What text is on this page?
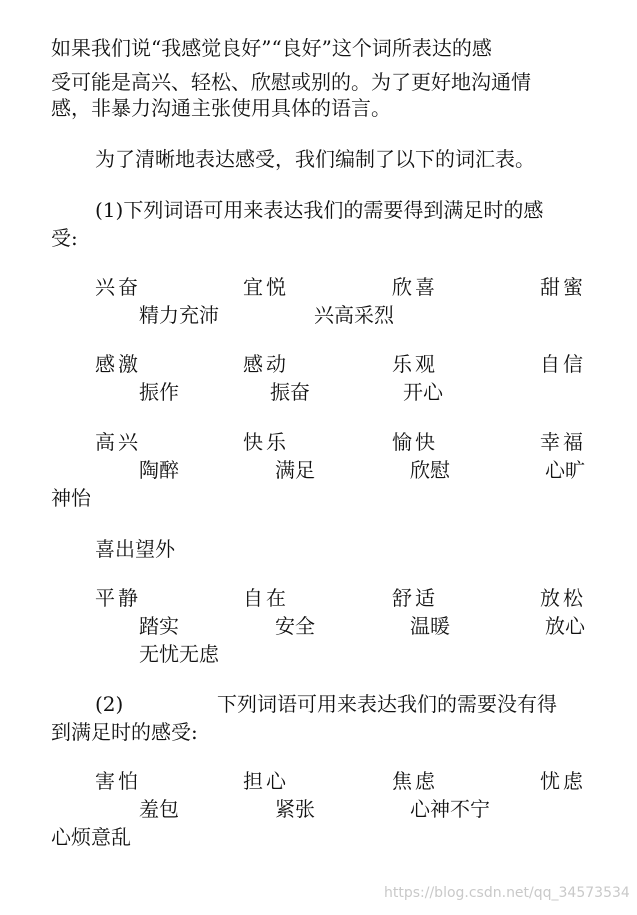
如果我们说“我感觉良好”“良好”这个词所表达的感
受可能是高兴、轻松、欣慰或别的。为了更好地沟通情
感，非暴力沟通主张使用具体的语言。
为了清晰地表达感受，我们编制了以下的词汇表。
(1)下列词语可用来表达我们的需要得到满足时的感
受:
兴奋	宜悦	欣喜	甜蜜
精力充沛	兴高采烈
感激	感动	乐观	自信
振作	振奋	开心
高兴	快乐	愉快	幸福
陶醉	满足	欣慰	心旷
神怡
喜出望外
平静	自在	舒适	放松
踏实	安全	温暖	放心
无忧无虑
(2)	下列词语可用来表达我们的需要没有得
到满足时的感受:
害怕	担心	焦虑	忧虑
羞包	紧张	心神不宁
心烦意乱
https://blog.csdn.net/qq_34573534
